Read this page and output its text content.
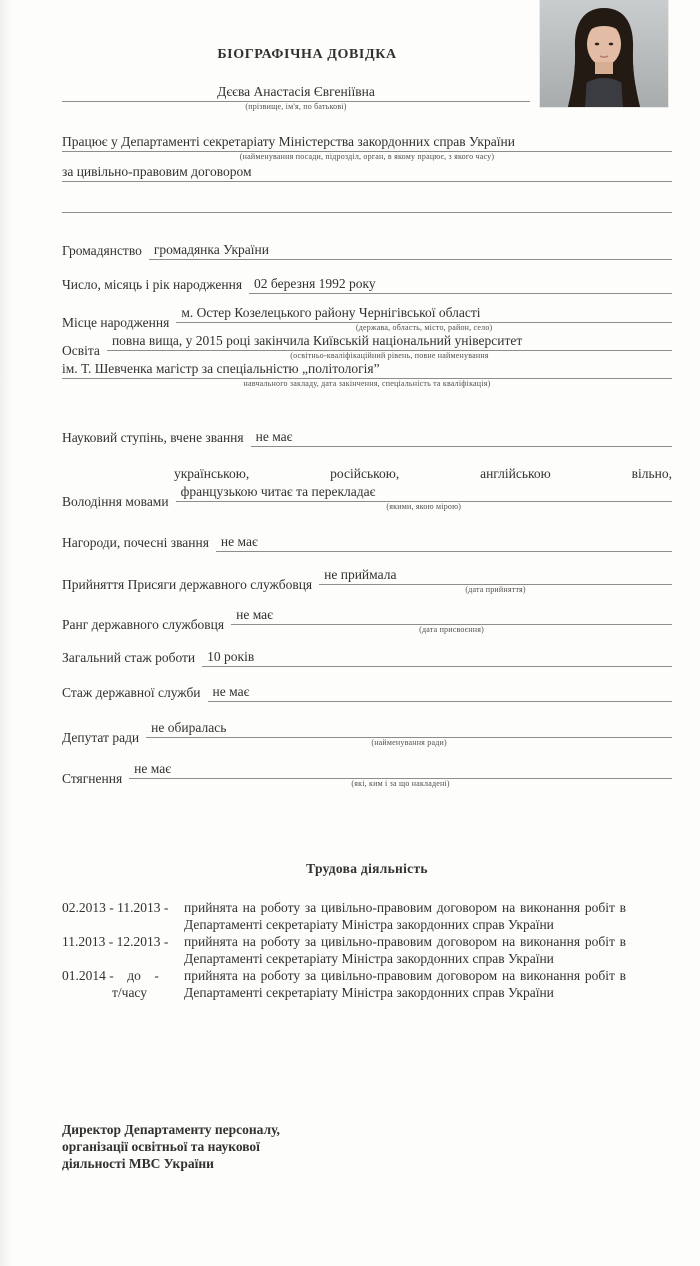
БІОГРАФІЧНА ДОВІДКА
Дєєва Анастасія Євгеніївна
(прізвище, ім'я, по батькові)
Працює у Департаменті секретаріату Міністерства закордонних справ України
(найменування посади, підрозділ, орган, в якому працює, з якого часу)
за цивільно-правовим договором
Громадянство громадянка України
Число, місяць і рік народження 02 березня 1992 року
Місце народження
м. Остер Козелецького району Чернігівської області
(держава, область, місто, район, село)
Освіта
повна вища, у 2015 році закінчила Київській національний університет
(освітньо-кваліфікаційний рівень, повне найменування
ім. Т. Шевченка магістр за спеціальністю „політологія”
навчального закладу, дата закінчення, спеціальність та кваліфікація)
Науковий ступінь, вчене звання не має
українською, російською, англійською вільно,
Володіння мовами
французькою читає та перекладає
(якими, якою мірою)
Нагороди, почесні звання не має
Прийняття Присяги державного службовця
не приймала
(дата прийняття)
Ранг державного службовця
не має
(дата присвоєння)
Загальний стаж роботи 10 років
Стаж державної служби не має
Депутат ради
не обиралась
(найменування ради)
Стягнення
не має
(які, ким і за що накладені)
Трудова діяльність
02.2013 - 11.2013 -	прийнята на роботу за цивільно-правовим договором на виконання робіт в Департаменті секретаріату Міністра закордонних справ України
11.2013 - 12.2013 -	прийнята на роботу за цивільно-правовим договором на виконання робіт в Департаменті секретаріату Міністра закордонних справ України
01.2014 -    до    -
т/часу
прийнята на роботу за цивільно-правовим договором на виконання робіт в Департаменті секретаріату Міністра закордонних справ України
Директор Департаменту персоналу,
організації освітньої та наукової
діяльності МВС України
